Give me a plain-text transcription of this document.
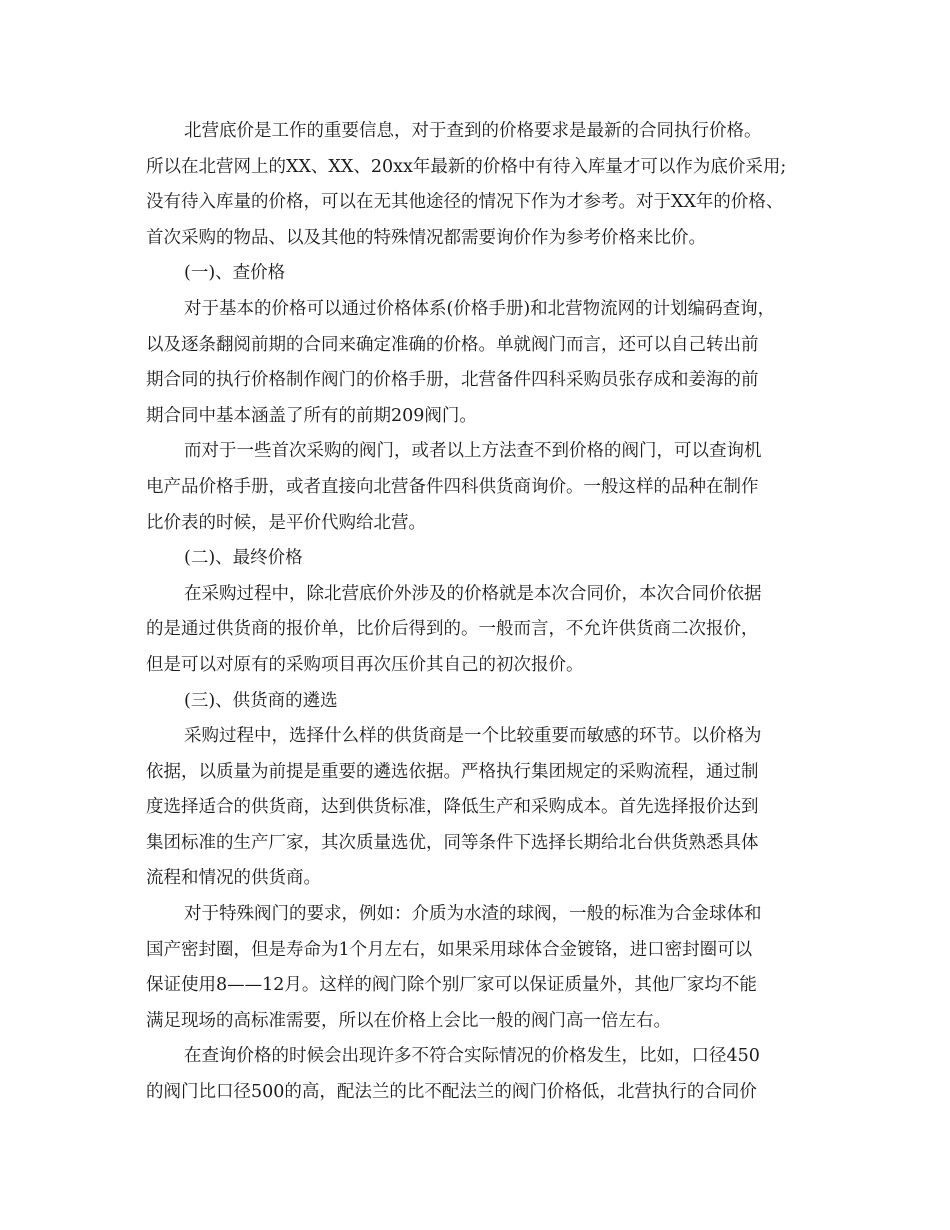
北营底价是工作的重要信息，对于查到的价格要求是最新的合同执行价格。
所以在北营网上的XX、XX、20xx年最新的价格中有待入库量才可以作为底价采用;
没有待入库量的价格，可以在无其他途径的情况下作为才参考。对于XX年的价格、
首次采购的物品、以及其他的特殊情况都需要询价作为参考价格来比价。
(一)、查价格
对于基本的价格可以通过价格体系(价格手册)和北营物流网的计划编码查询，
以及逐条翻阅前期的合同来确定准确的价格。单就阀门而言，还可以自己转出前
期合同的执行价格制作阀门的价格手册，北营备件四科采购员张存成和姜海的前
期合同中基本涵盖了所有的前期209阀门。
而对于一些首次采购的阀门，或者以上方法查不到价格的阀门，可以查询机
电产品价格手册，或者直接向北营备件四科供货商询价。一般这样的品种在制作
比价表的时候，是平价代购给北营。
(二)、最终价格
在采购过程中，除北营底价外涉及的价格就是本次合同价，本次合同价依据
的是通过供货商的报价单，比价后得到的。一般而言，不允许供货商二次报价，
但是可以对原有的采购项目再次压价其自己的初次报价。
(三)、供货商的遴选
采购过程中，选择什么样的供货商是一个比较重要而敏感的环节。以价格为
依据，以质量为前提是重要的遴选依据。严格执行集团规定的采购流程，通过制
度选择适合的供货商，达到供货标准，降低生产和采购成本。首先选择报价达到
集团标准的生产厂家，其次质量选优，同等条件下选择长期给北台供货熟悉具体
流程和情况的供货商。
对于特殊阀门的要求，例如：介质为水渣的球阀，一般的标准为合金球体和
国产密封圈，但是寿命为1个月左右，如果采用球体合金镀铬，进口密封圈可以
保证使用8——12月。这样的阀门除个别厂家可以保证质量外，其他厂家均不能
满足现场的高标准需要，所以在价格上会比一般的阀门高一倍左右。
在查询价格的时候会出现许多不符合实际情况的价格发生，比如，口径450
的阀门比口径500的高，配法兰的比不配法兰的阀门价格低，北营执行的合同价
